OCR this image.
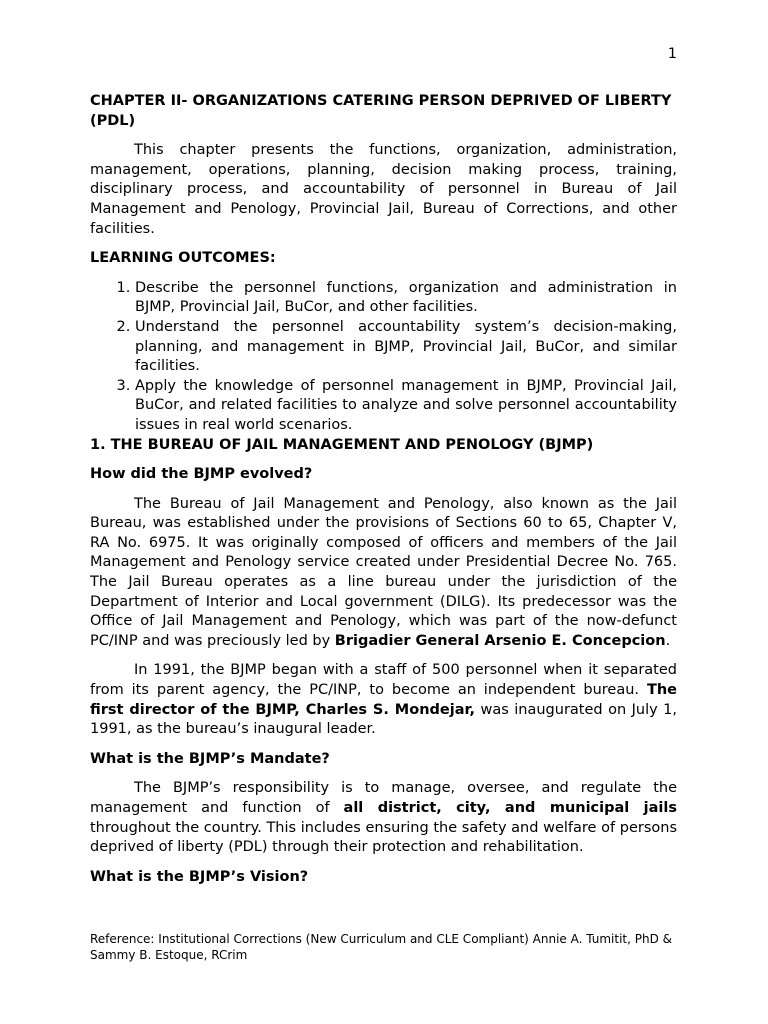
1
CHAPTER II- ORGANIZATIONS CATERING PERSON DEPRIVED OF LIBERTY (PDL)

This chapter presents the functions, organization, administration, management, operations, planning, decision making process, training, disciplinary process, and accountability of personnel in Bureau of Jail Management and Penology, Provincial Jail, Bureau of Corrections, and other facilities.

LEARNING OUTCOMES:
1. Describe the personnel functions, organization and administration in BJMP, Provincial Jail, BuCor, and other facilities.
2. Understand the personnel accountability system’s decision-making, planning, and management in BJMP, Provincial Jail, BuCor, and similar facilities.
3. Apply the knowledge of personnel management in BJMP, Provincial Jail, BuCor, and related facilities to analyze and solve personnel accountability issues in real world scenarios.
1. THE BUREAU OF JAIL MANAGEMENT AND PENOLOGY (BJMP)
How did the BJMP evolved?

The Bureau of Jail Management and Penology, also known as the Jail Bureau, was established under the provisions of Sections 60 to 65, Chapter V, RA No. 6975. It was originally composed of officers and members of the Jail Management and Penology service created under Presidential Decree No. 765. The Jail Bureau operates as a line bureau under the jurisdiction of the Department of Interior and Local government (DILG). Its predecessor was the Office of Jail Management and Penology, which was part of the now-defunct PC/INP and was preciously led by Brigadier General Arsenio E. Concepcion.

In 1991, the BJMP began with a staff of 500 personnel when it separated from its parent agency, the PC/INP, to become an independent bureau. The first director of the BJMP, Charles S. Mondejar, was inaugurated on July 1, 1991, as the bureau’s inaugural leader.

What is the BJMP’s Mandate?

The BJMP’s responsibility is to manage, oversee, and regulate the management and function of all district, city, and municipal jails throughout the country. This includes ensuring the safety and welfare of persons deprived of liberty (PDL) through their protection and rehabilitation.

What is the BJMP’s Vision?
Reference: Institutional Corrections (New Curriculum and CLE Compliant) Annie A. Tumitit, PhD & Sammy B. Estoque, RCrim
